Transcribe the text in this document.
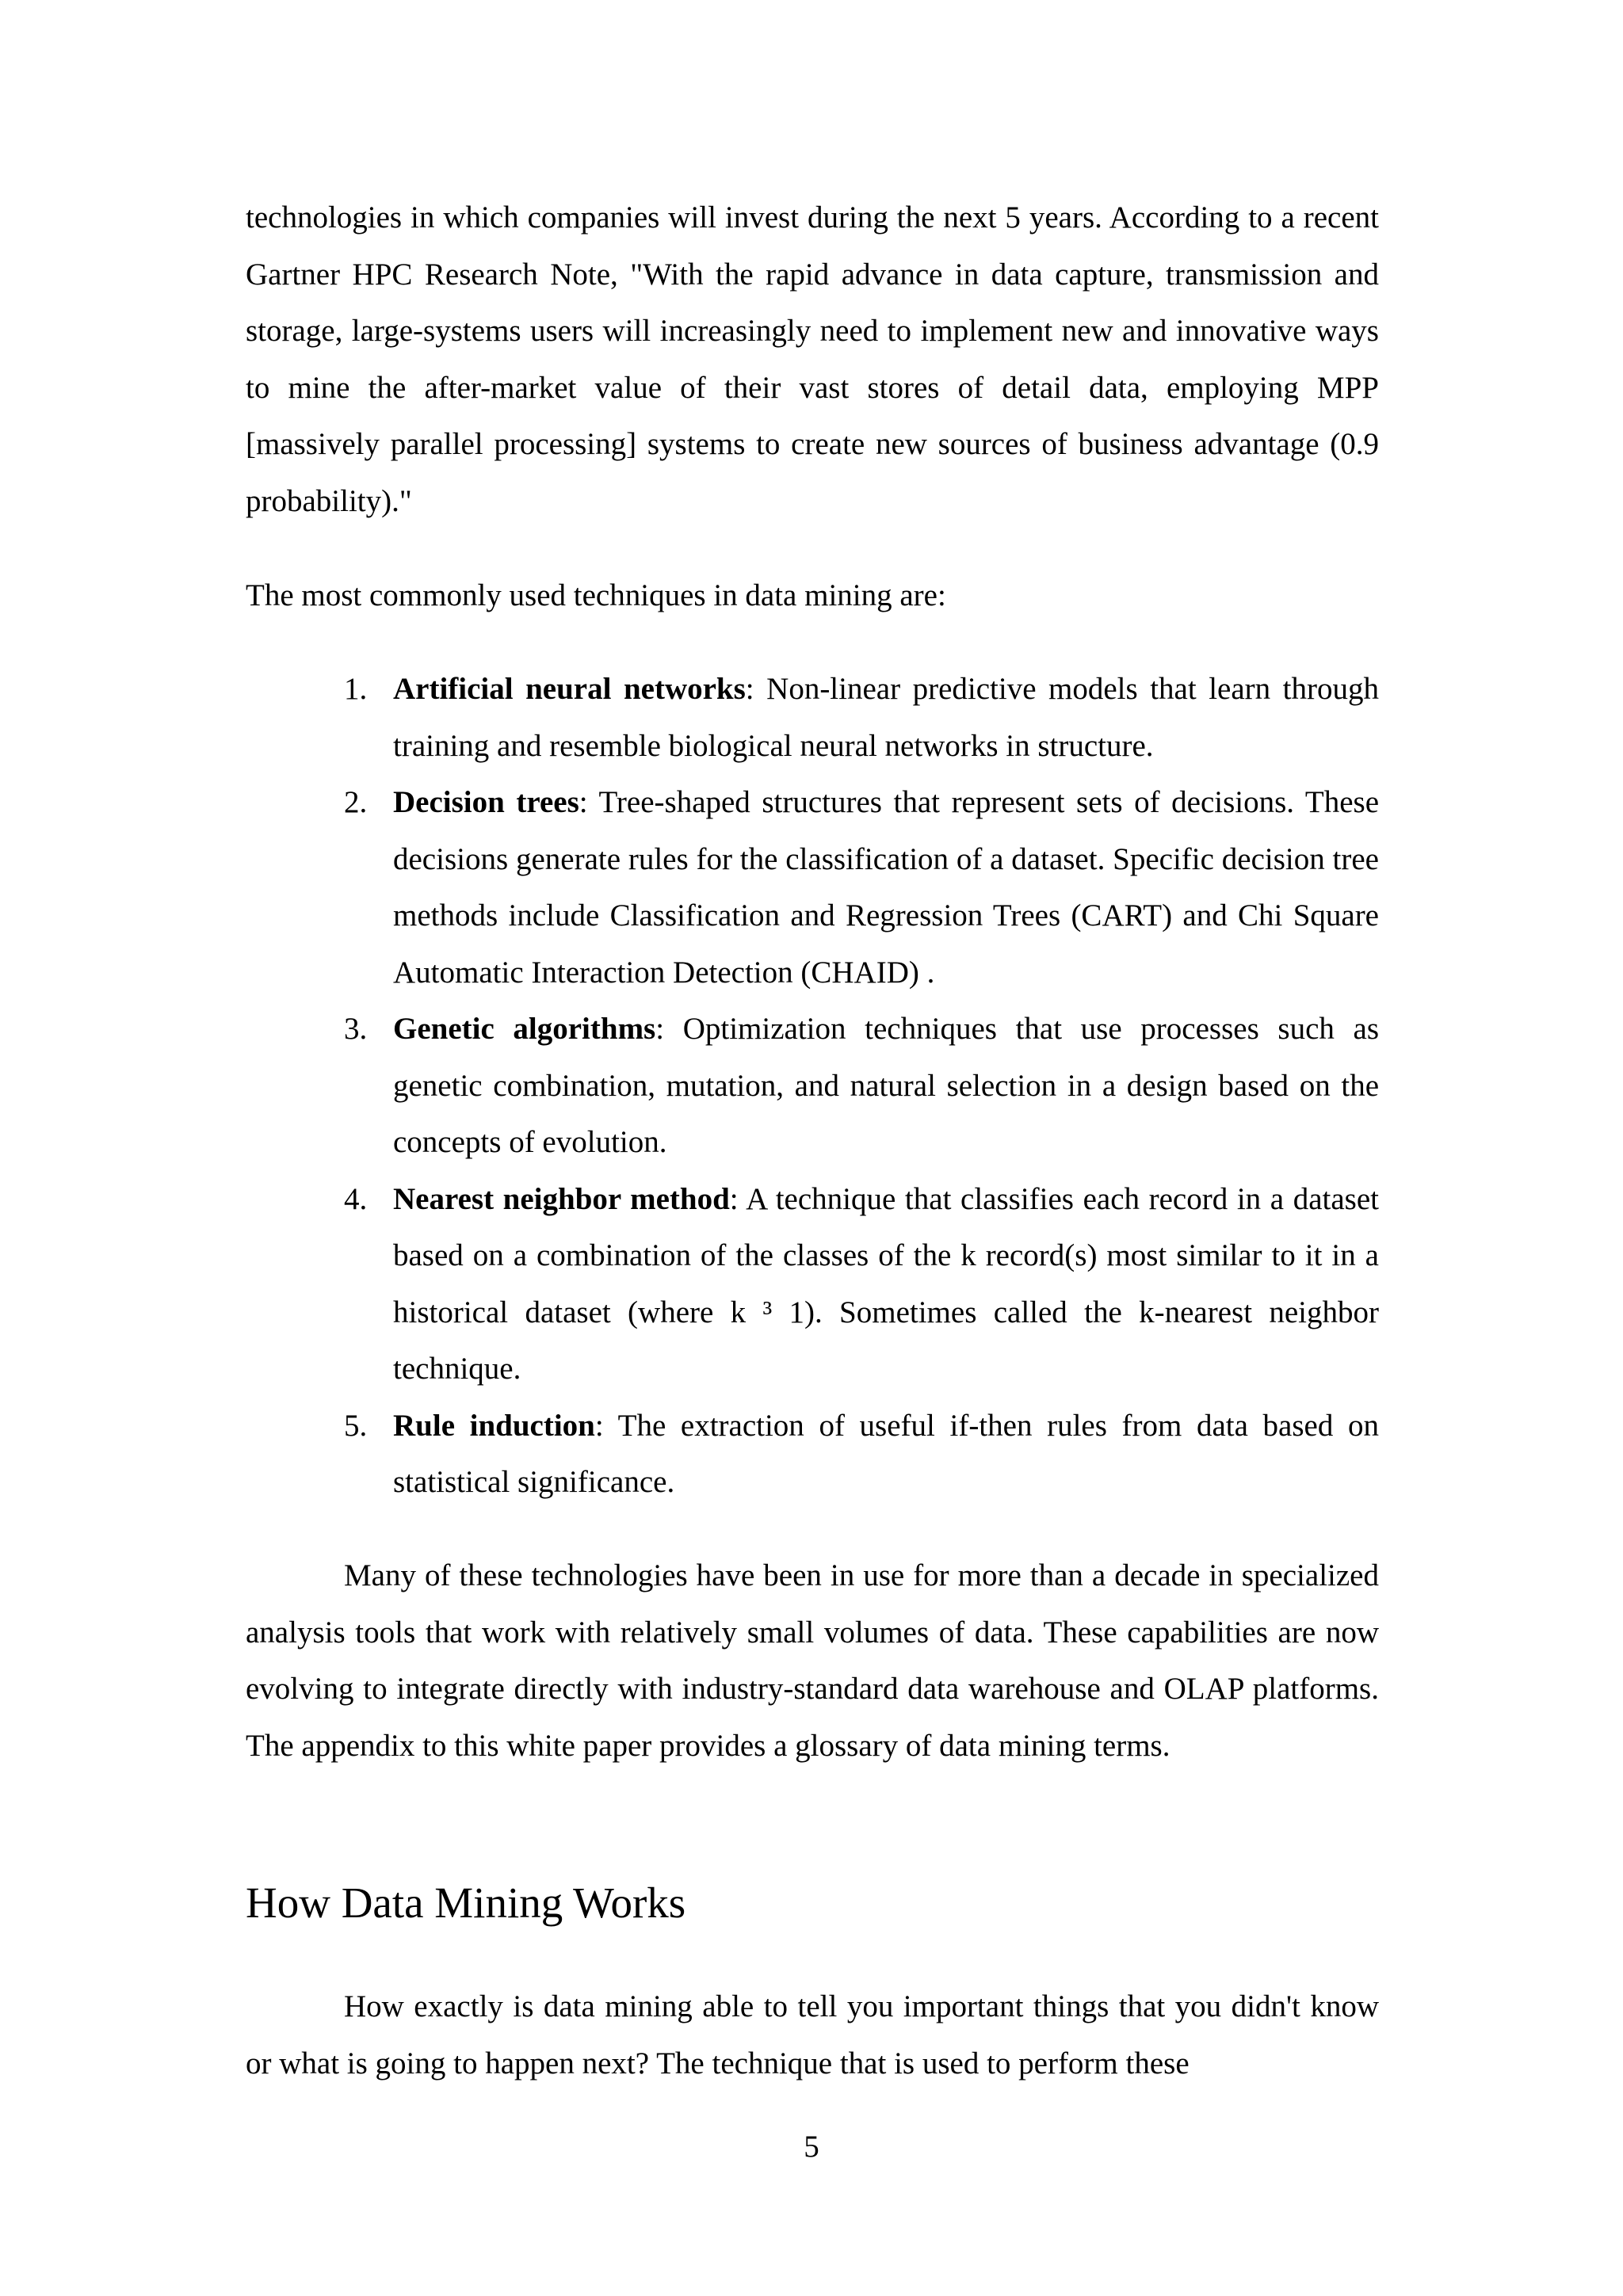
technologies in which companies will invest during the next 5 years. According to a recent Gartner HPC Research Note, "With the rapid advance in data capture, transmission and storage, large-systems users will increasingly need to implement new and innovative ways to mine the after-market value of their vast stores of detail data, employing MPP [massively parallel processing] systems to create new sources of business advantage (0.9 probability)."

The most commonly used techniques in data mining are:

1. Artificial neural networks: Non-linear predictive models that learn through training and resemble biological neural networks in structure.
2. Decision trees: Tree-shaped structures that represent sets of decisions. These decisions generate rules for the classification of a dataset. Specific decision tree methods include Classification and Regression Trees (CART) and Chi Square Automatic Interaction Detection (CHAID) .
3. Genetic algorithms: Optimization techniques that use processes such as genetic combination, mutation, and natural selection in a design based on the concepts of evolution.
4. Nearest neighbor method: A technique that classifies each record in a dataset based on a combination of the classes of the k record(s) most similar to it in a historical dataset (where k ³ 1). Sometimes called the k-nearest neighbor technique.
5. Rule induction: The extraction of useful if-then rules from data based on statistical significance.

Many of these technologies have been in use for more than a decade in specialized analysis tools that work with relatively small volumes of data. These capabilities are now evolving to integrate directly with industry-standard data warehouse and OLAP platforms. The appendix to this white paper provides a glossary of data mining terms.

How Data Mining Works

How exactly is data mining able to tell you important things that you didn't know or what is going to happen next? The technique that is used to perform these

5
